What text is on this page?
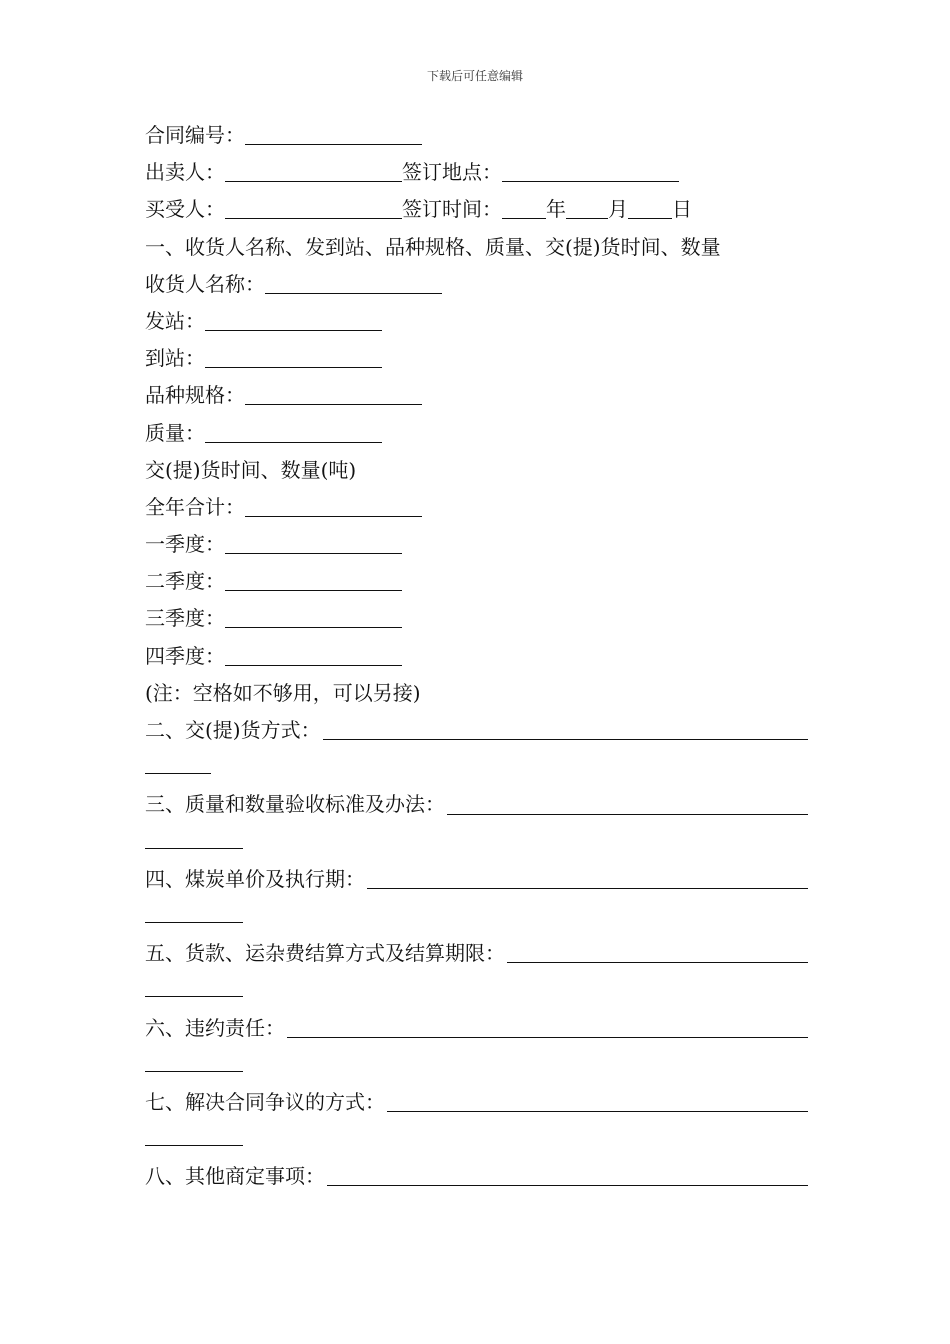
下载后可任意编辑
合同编号：
出卖人：	签订地点：
买受人：	签订时间： 年 月 日
一、收货人名称、发到站、品种规格、质量、交(提)货时间、数量
收货人名称：
发站：
到站：
品种规格：
质量：
交(提)货时间、数量(吨)
全年合计：
一季度：
二季度：
三季度：
四季度：
(注：空格如不够用，可以另接)
二、交(提)货方式：
三、质量和数量验收标准及办法：
四、煤炭单价及执行期：
五、货款、运杂费结算方式及结算期限：
六、违约责任：
七、解决合同争议的方式：
八、其他商定事项：
